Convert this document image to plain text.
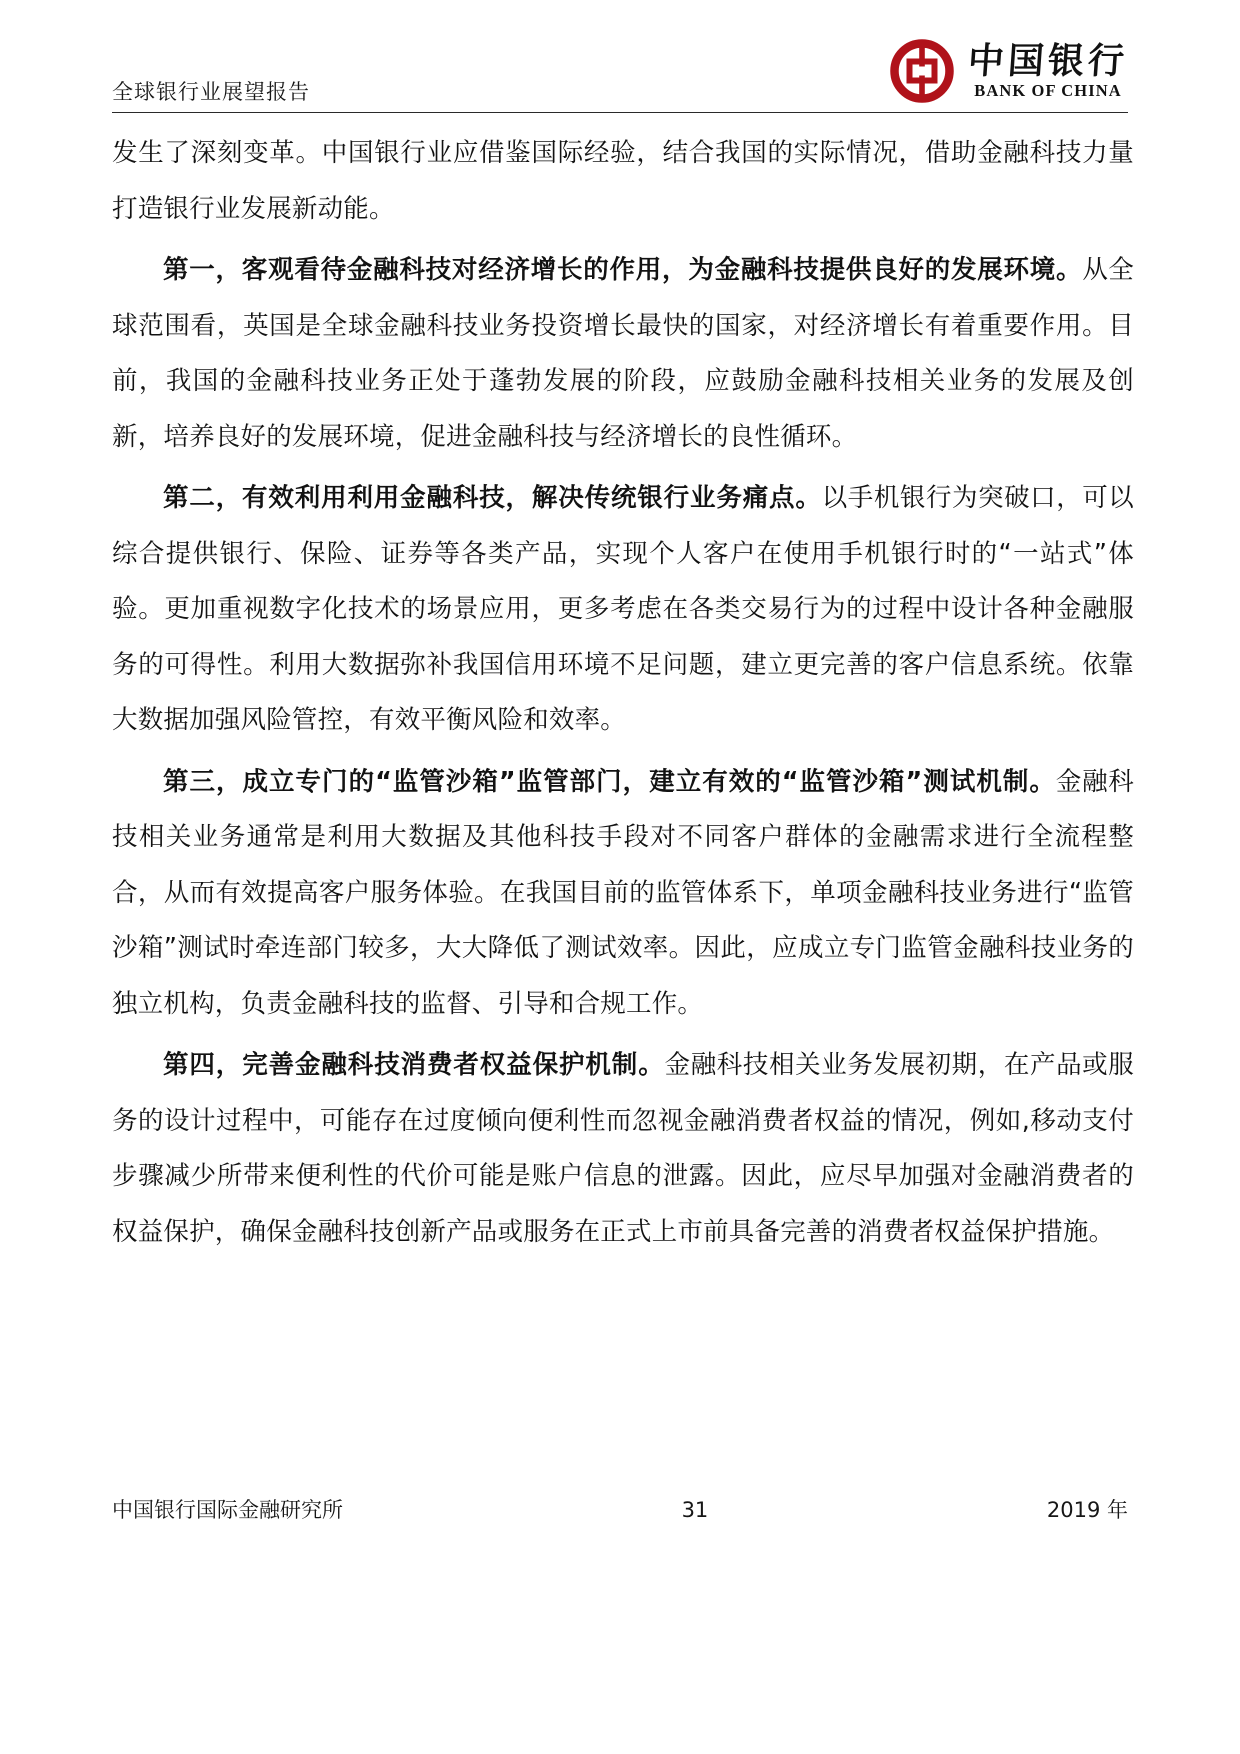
全球银行业展望报告
中国银行
BANK OF CHINA

发生了深刻变革。中国银行业应借鉴国际经验，结合我国的实际情况，借助金融科技力量打造银行业发展新动能。

第一，客观看待金融科技对经济增长的作用，为金融科技提供良好的发展环境。从全球范围看，英国是全球金融科技业务投资增长最快的国家，对经济增长有着重要作用。目前，我国的金融科技业务正处于蓬勃发展的阶段，应鼓励金融科技相关业务的发展及创新，培养良好的发展环境，促进金融科技与经济增长的良性循环。

第二，有效利用利用金融科技，解决传统银行业务痛点。以手机银行为突破口，可以综合提供银行、保险、证券等各类产品，实现个人客户在使用手机银行时的“一站式”体验。更加重视数字化技术的场景应用，更多考虑在各类交易行为的过程中设计各种金融服务的可得性。利用大数据弥补我国信用环境不足问题，建立更完善的客户信息系统。依靠大数据加强风险管控，有效平衡风险和效率。

第三，成立专门的“监管沙箱”监管部门，建立有效的“监管沙箱”测试机制。金融科技相关业务通常是利用大数据及其他科技手段对不同客户群体的金融需求进行全流程整合，从而有效提高客户服务体验。在我国目前的监管体系下，单项金融科技业务进行“监管沙箱”测试时牵连部门较多，大大降低了测试效率。因此，应成立专门监管金融科技业务的独立机构，负责金融科技的监督、引导和合规工作。

第四，完善金融科技消费者权益保护机制。金融科技相关业务发展初期，在产品或服务的设计过程中，可能存在过度倾向便利性而忽视金融消费者权益的情况，例如,移动支付步骤减少所带来便利性的代价可能是账户信息的泄露。因此，应尽早加强对金融消费者的权益保护，确保金融科技创新产品或服务在正式上市前具备完善的消费者权益保护措施。

中国银行国际金融研究所	31	2019 年
